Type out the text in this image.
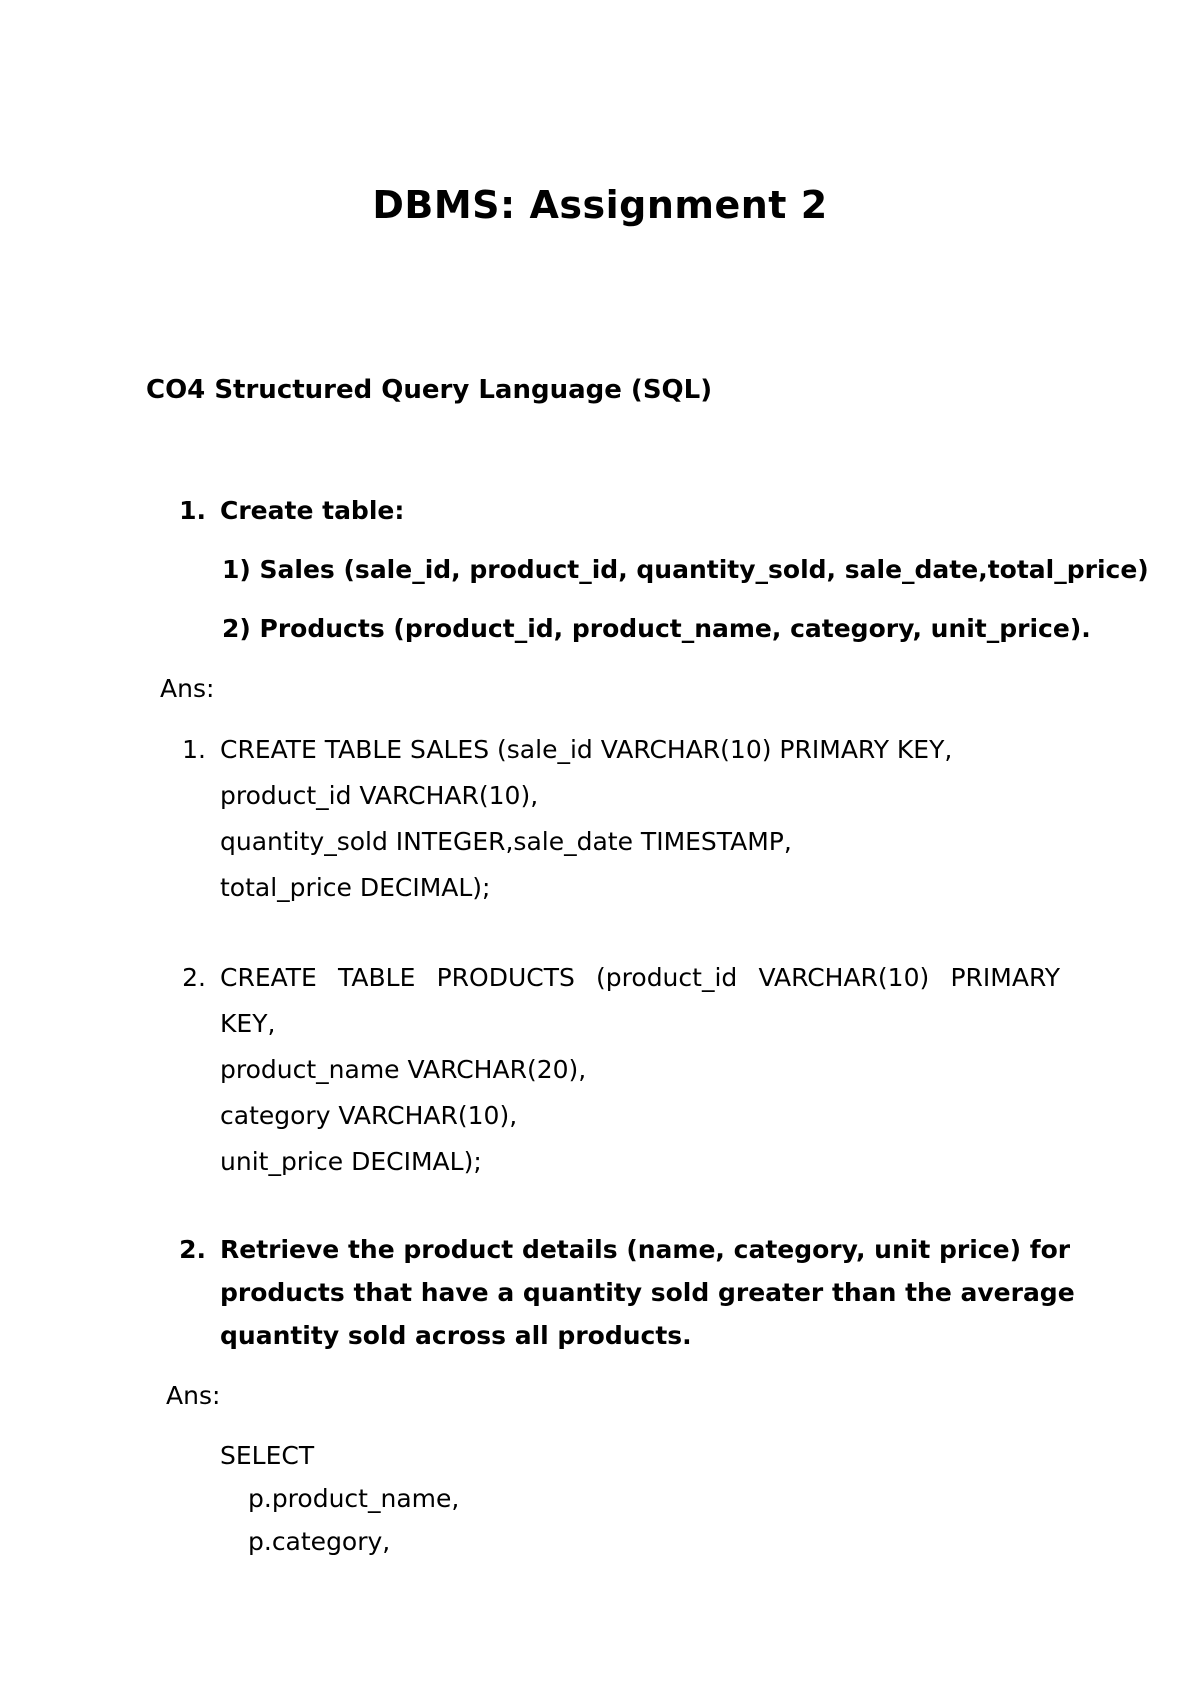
DBMS: Assignment 2
CO4 Structured Query Language (SQL)
1. Create table:
1) Sales (sale_id, product_id, quantity_sold, sale_date,total_price)
2) Products (product_id, product_name, category, unit_price).
Ans:
1. CREATE TABLE SALES (sale_id VARCHAR(10) PRIMARY KEY,
product_id VARCHAR(10),
quantity_sold INTEGER,sale_date TIMESTAMP,
total_price DECIMAL);
2. CREATE TABLE PRODUCTS (product_id VARCHAR(10) PRIMARY
KEY,
product_name VARCHAR(20),
category VARCHAR(10),
unit_price DECIMAL);
2. Retrieve the product details (name, category, unit price) for
products that have a quantity sold greater than the average
quantity sold across all products.
Ans:
SELECT
p.product_name,
p.category,
